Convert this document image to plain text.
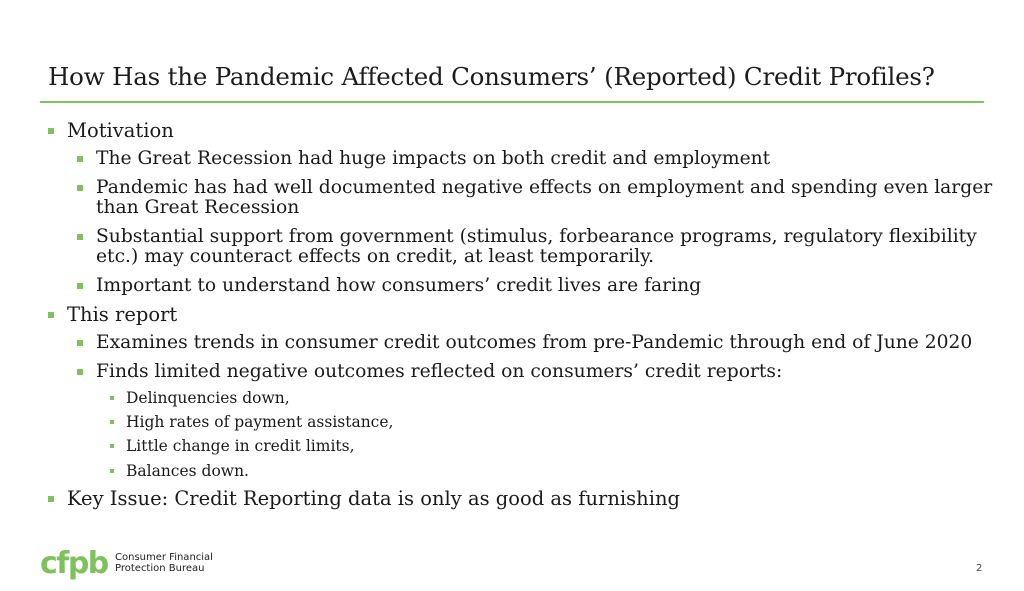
How Has the Pandemic Affected Consumers’ (Reported) Credit Profiles?
Motivation
The Great Recession had huge impacts on both credit and employment
Pandemic has had well documented negative effects on employment and spending even larger
than Great Recession
Substantial support from government (stimulus, forbearance programs, regulatory flexibility
etc.) may counteract effects on credit, at least temporarily.
Important to understand how consumers’ credit lives are faring
This report
Examines trends in consumer credit outcomes from pre-Pandemic through end of June 2020
Finds limited negative outcomes reflected on consumers’ credit reports:
Delinquencies down,
High rates of payment assistance,
Little change in credit limits,
Balances down.
Key Issue: Credit Reporting data is only as good as furnishing
cfpb Consumer Financial
Protection Bureau	2
